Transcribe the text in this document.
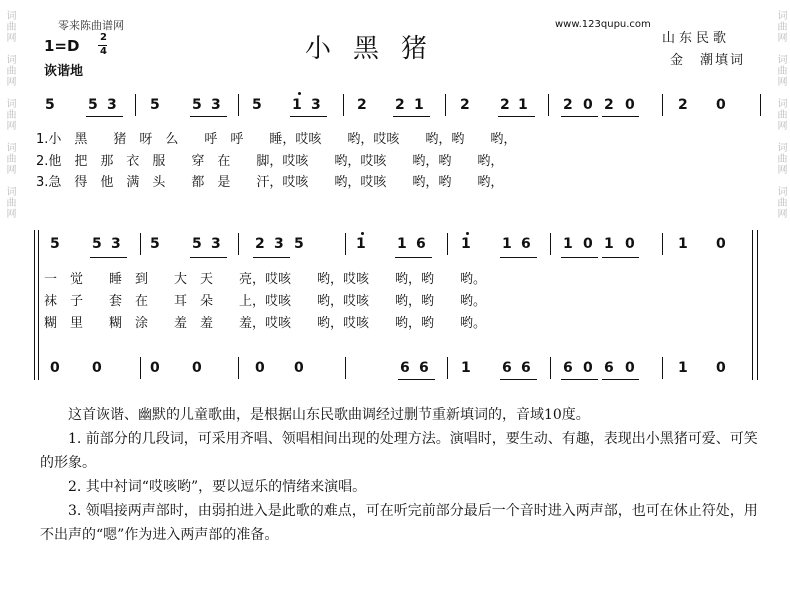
词曲网　词曲网　词曲网　词曲网　词曲网	词曲网　词曲网　词曲网　词曲网　词曲网
零来陈曲谱网
1=D 2
4
诙谐地
小黑猪
www.123qupu.com
山东民歌
金　潮填词
1.小　黑　　猪　呀　么　　呼　呼　　睡，哎咳　　哟，哎咳　　哟，哟　　哟，
2.他　把　那　衣　服　　穿　在　　脚，哎咳　　哟，哎咳　　哟，哟　　哟，
3.急　得　他　满　头　　都　是　　汗，哎咳　　哟，哎咳　　哟，哟　　哟，
一　觉　　睡　到　　大　天　　亮，哎咳　　哟，哎咳　　哟，哟　　哟。
袜　子　　套　在　　耳　朵　　上，哎咳　　哟，哎咳　　哟，哟　　哟。
糊　里　　糊　涂　　羞　羞　　羞，哎咳　　哟，哎咳　　哟，哟　　哟。

这首诙谐、幽默的儿童歌曲，是根据山东民歌曲调经过删节重新填词的，音域10度。

1. 前部分的几段词，可采用齐唱、领唱相间出现的处理方法。演唱时，要生动、有趣，表现出小黑猪可爱、可笑的形象。

2. 其中衬词“哎咳哟”，要以逗乐的情绪来演唱。

3. 领唱接两声部时，由弱拍进入是此歌的难点，可在听完前部分最后一个音时进入两声部，也可在休止符处，用不出声的“嗯”作为进入两声部的准备。

5 5 3 5 5 3 5 1 3	2 2 1	2 2 1	2 0 2 0	2 0
5 5 3 5 5 3 2 3 5	1 1 6	1 1 6 1 0 1 0	1 0
0 0	0 0	0 0	6 6 1 6 6 6 0 6 0	1 0
